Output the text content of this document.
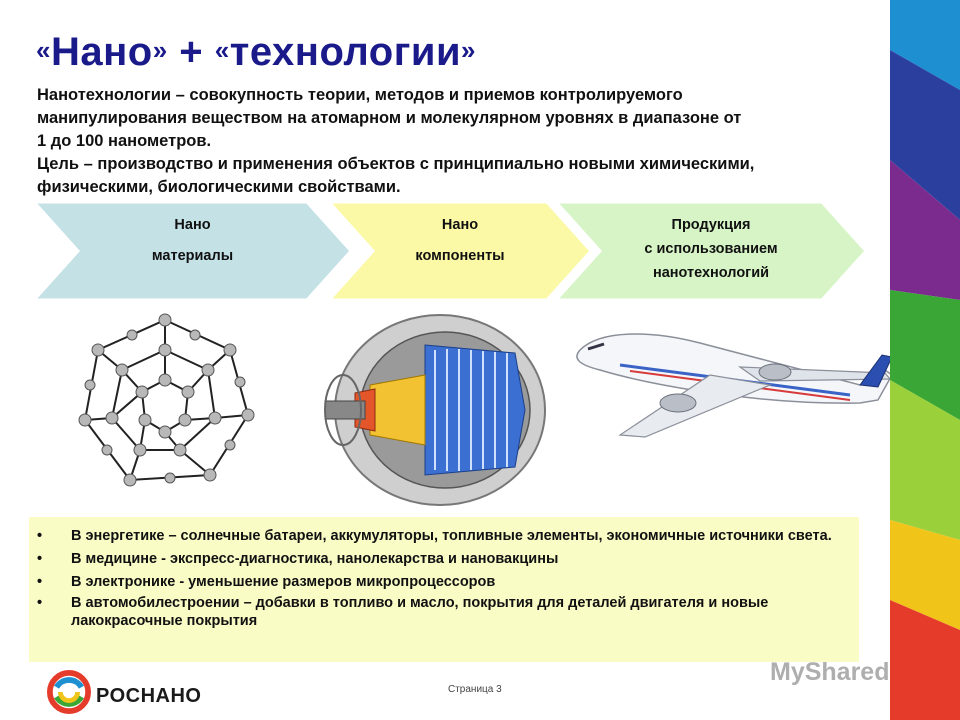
«Нано» + «технологии»
Нанотехнологии – совокупность теории, методов и приемов контролируемого
манипулирования веществом на атомарном и молекулярном уровнях в диапазоне от
1 до 100 нанометров.
Цель – производство и применения объектов с принципиально новыми химическими,
физическими, биологическими свойствами.
Нано
материалы
Нано
компоненты
Продукция
с использованием
нанотехнологий
• В энергетике – солнечные батареи, аккумуляторы, топливные элементы, экономичные источники света.
• В медицине - экспресс-диагностика, нанолекарства и нановакцины
• В электронике - уменьшение размеров микропроцессоров
• В автомобилестроении – добавки в топливо и масло, покрытия для деталей двигателя и новые лакокрасочные покрытия
РОСНАНО	Страница 3
MyShared
